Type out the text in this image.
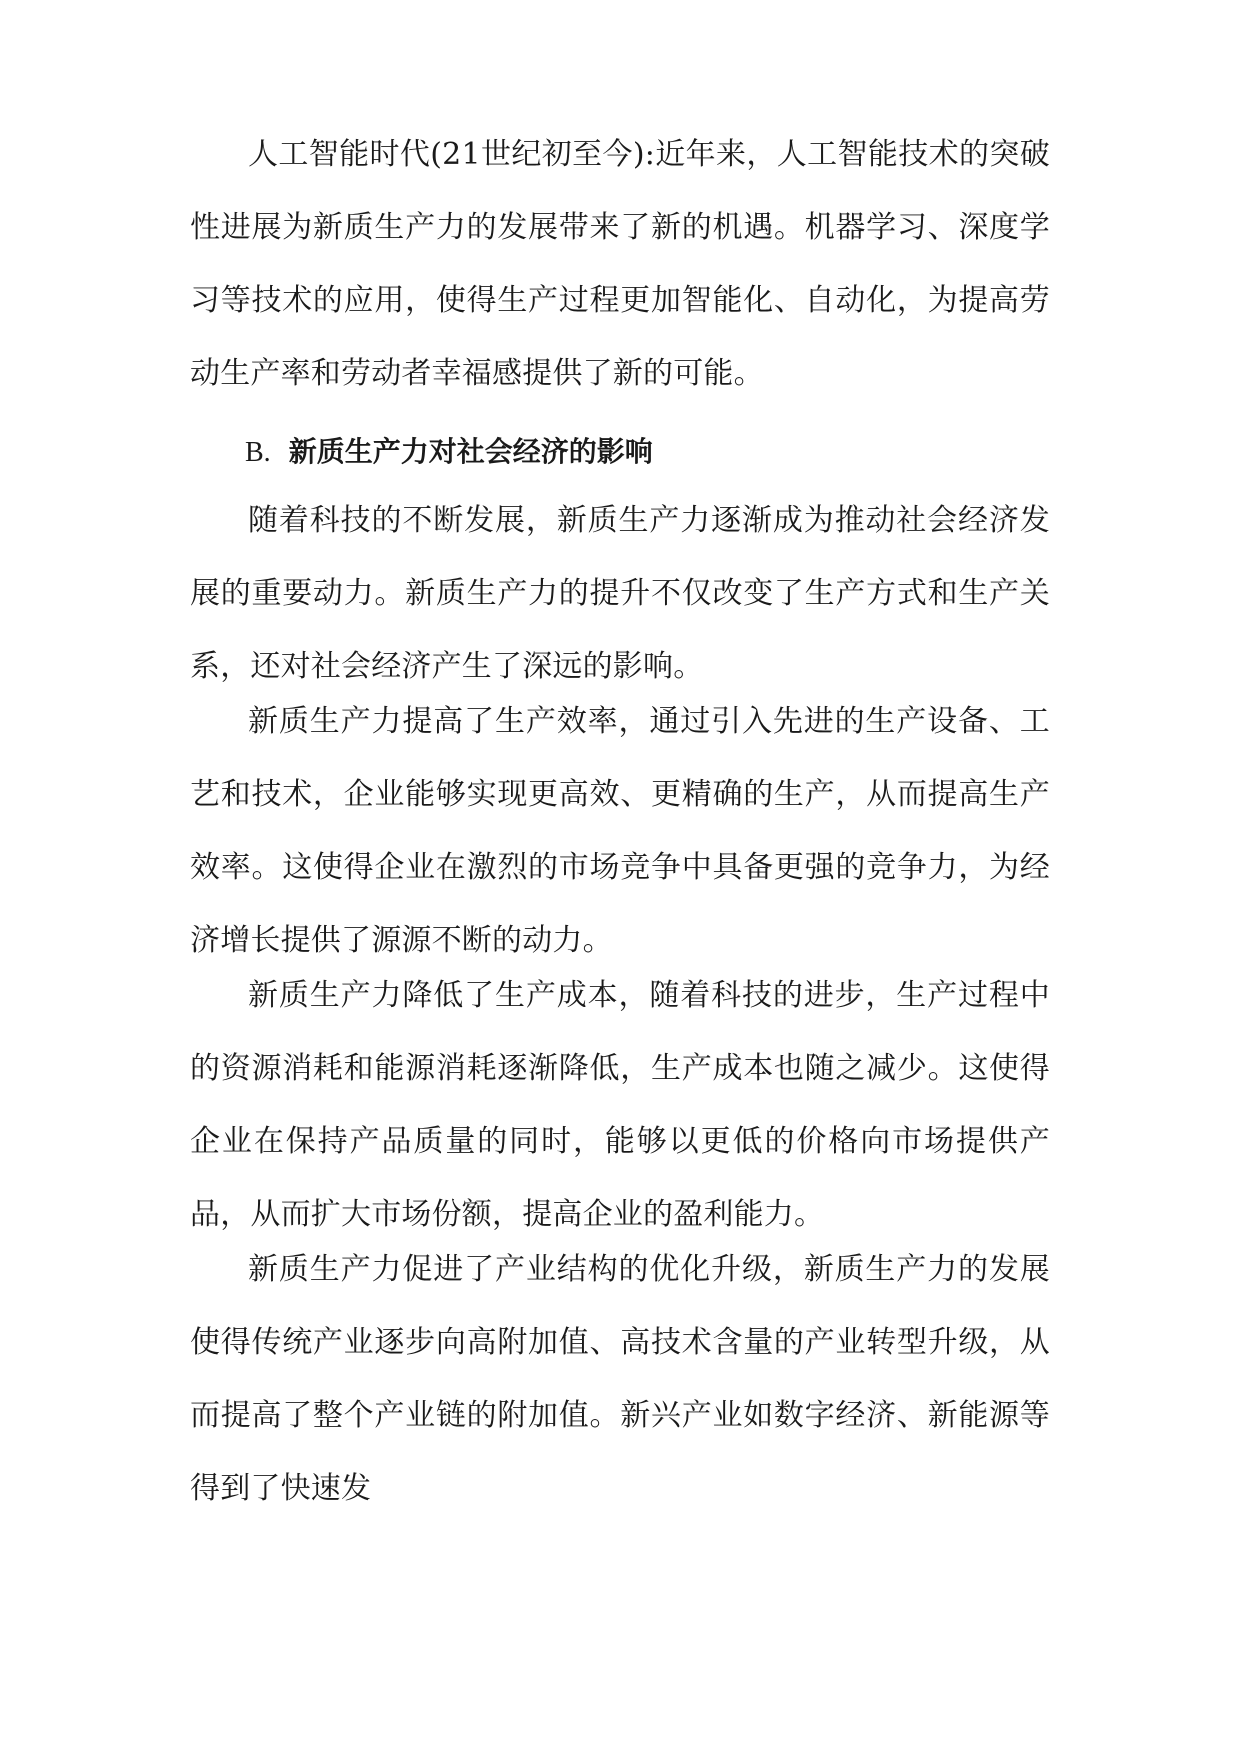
人工智能时代(21世纪初至今):近年来，人工智能技术的突破性进展为新质生产力的发展带来了新的机遇。机器学习、深度学习等技术的应用，使得生产过程更加智能化、自动化，为提高劳动生产率和劳动者幸福感提供了新的可能。

B. 新质生产力对社会经济的影响

随着科技的不断发展，新质生产力逐渐成为推动社会经济发展的重要动力。新质生产力的提升不仅改变了生产方式和生产关系，还对社会经济产生了深远的影响。

新质生产力提高了生产效率，通过引入先进的生产设备、工艺和技术，企业能够实现更高效、更精确的生产，从而提高生产效率。这使得企业在激烈的市场竞争中具备更强的竞争力，为经济增长提供了源源不断的动力。

新质生产力降低了生产成本，随着科技的进步，生产过程中的资源消耗和能源消耗逐渐降低，生产成本也随之减少。这使得企业在保持产品质量的同时，能够以更低的价格向市场提供产品，从而扩大市场份额，提高企业的盈利能力。

新质生产力促进了产业结构的优化升级，新质生产力的发展使得传统产业逐步向高附加值、高技术含量的产业转型升级，从而提高了整个产业链的附加值。新兴产业如数字经济、新能源等得到了快速发
